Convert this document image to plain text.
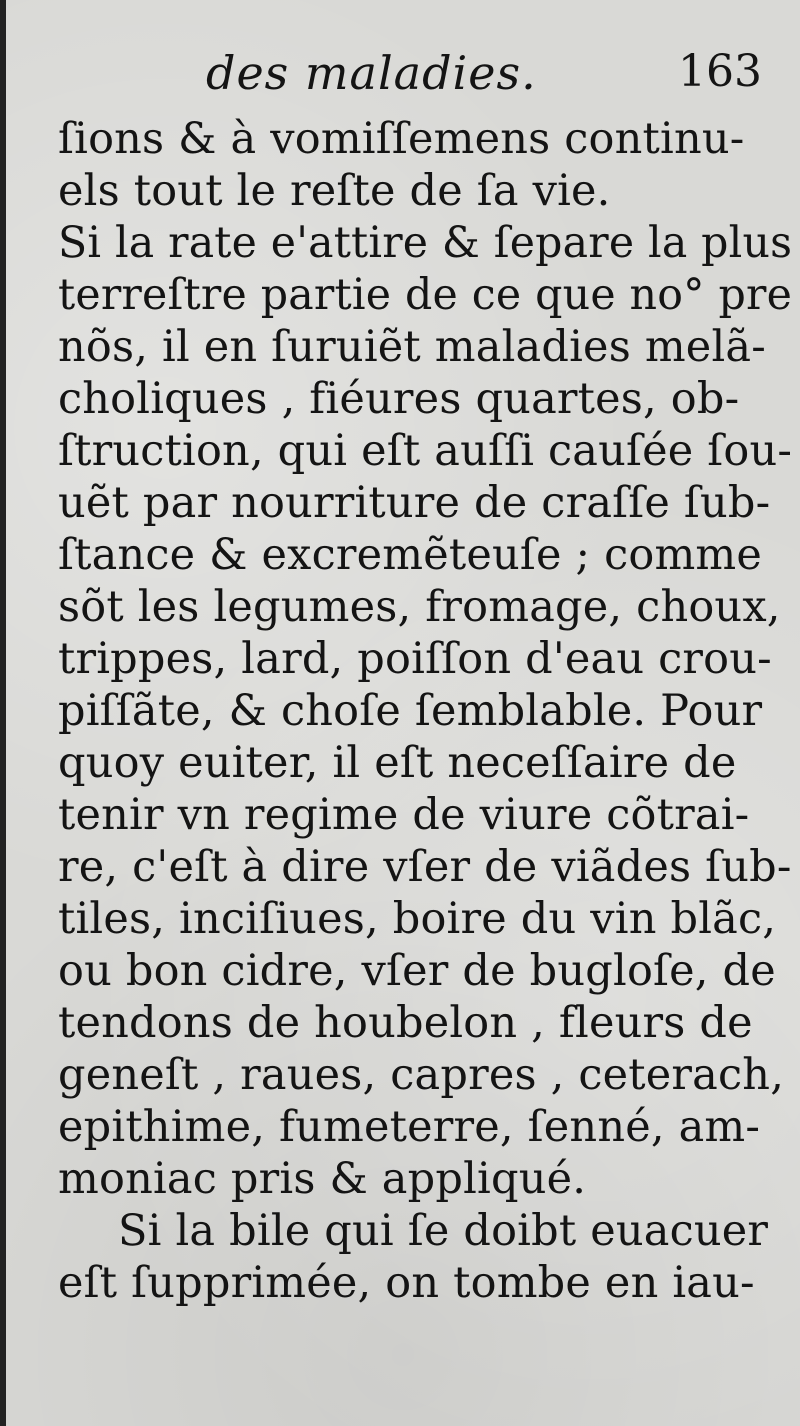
des maladies.	163
ſions & à vomiſſemens continu-
els tout le reſte de ſa vie.
Si la rate e'attire & ſepare la plus
terreſtre partie de ce que no° pre
nõs, il en ſuruiẽt maladies melã-
choliques , fiéures quartes, ob-
ſtruction, qui eſt auſſi cauſée ſou-
uẽt par nourriture de craſſe ſub-
ſtance & excremẽteuſe ; comme
sõt les legumes, fromage, choux,
trippes, lard, poiſſon d'eau crou-
piſſãte, & choſe ſemblable. Pour
quoy euiter, il eſt neceſſaire de
tenir vn regime de viure cõtrai-
re, c'eſt à dire vſer de viãdes ſub-
tiles, inciſiues, boire du vin blãc,
ou bon cidre, vſer de bugloſe, de
tendons de houbelon , fleurs de
geneſt , raues, capres , ceterach,
epithime, fumeterre, ſenné, am-
moniac pris & appliqué.
Si la bile qui ſe doibt euacuer
eſt ſupprimée, on tombe en iau-
